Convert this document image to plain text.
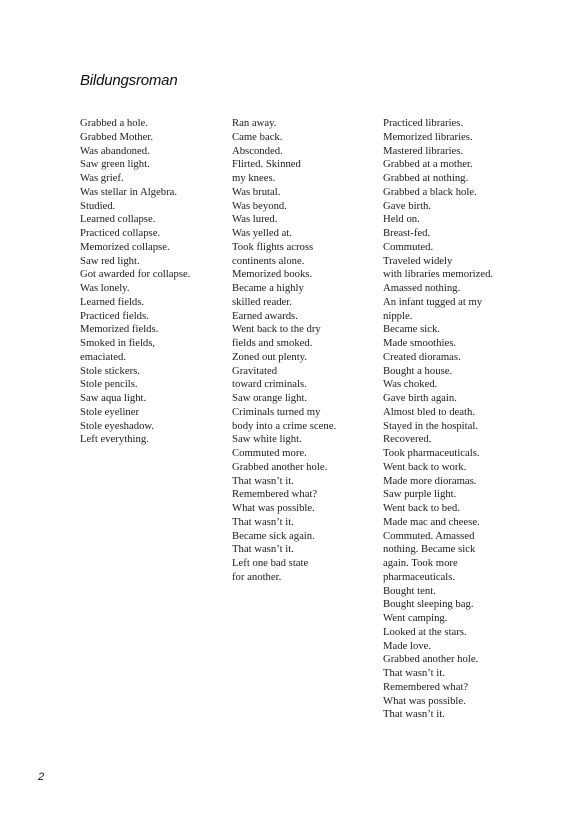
Bildungsroman
Grabbed a hole.
Grabbed Mother.
Was abandoned.
Saw green light.
Was grief.
Was stellar in Algebra.
Studied.
Learned collapse.
Practiced collapse.
Memorized collapse.
Saw red light.
Got awarded for collapse.
Was lonely.
Learned fields.
Practiced fields.
Memorized fields.
Smoked in fields,
emaciated.
Stole stickers.
Stole pencils.
Saw aqua light.
Stole eyeliner
Stole eyeshadow.
Left everything.
Ran away.
Came back.
Absconded.
Flirted. Skinned
my knees.
Was brutal.
Was beyond.
Was lured.
Was yelled at.
Took flights across
continents alone.
Memorized books.
Became a highly
skilled reader.
Earned awards.
Went back to the dry
fields and smoked.
Zoned out plenty.
Gravitated
toward criminals.
Saw orange light.
Criminals turned my
body into a crime scene.
Saw white light.
Commuted more.
Grabbed another hole.
That wasn’t it.
Remembered what?
What was possible.
That wasn’t it.
Became sick again.
That wasn’t it.
Left one bad state
for another.
Practiced libraries.
Memorized libraries.
Mastered libraries.
Grabbed at a mother.
Grabbed at nothing.
Grabbed a black hole.
Gave birth.
Held on.
Breast-fed.
Commuted.
Traveled widely
with libraries memorized.
Amassed nothing.
An infant tugged at my
nipple.
Became sick.
Made smoothies.
Created dioramas.
Bought a house.
Was choked.
Gave birth again.
Almost bled to death.
Stayed in the hospital.
Recovered.
Took pharmaceuticals.
Went back to work.
Made more dioramas.
Saw purple light.
Went back to bed.
Made mac and cheese.
Commuted. Amassed
nothing. Became sick
again. Took more
pharmaceuticals.
Bought tent.
Bought sleeping bag.
Went camping.
Looked at the stars.
Made love.
Grabbed another hole.
That wasn’t it.
Remembered what?
What was possible.
That wasn’t it.
2
